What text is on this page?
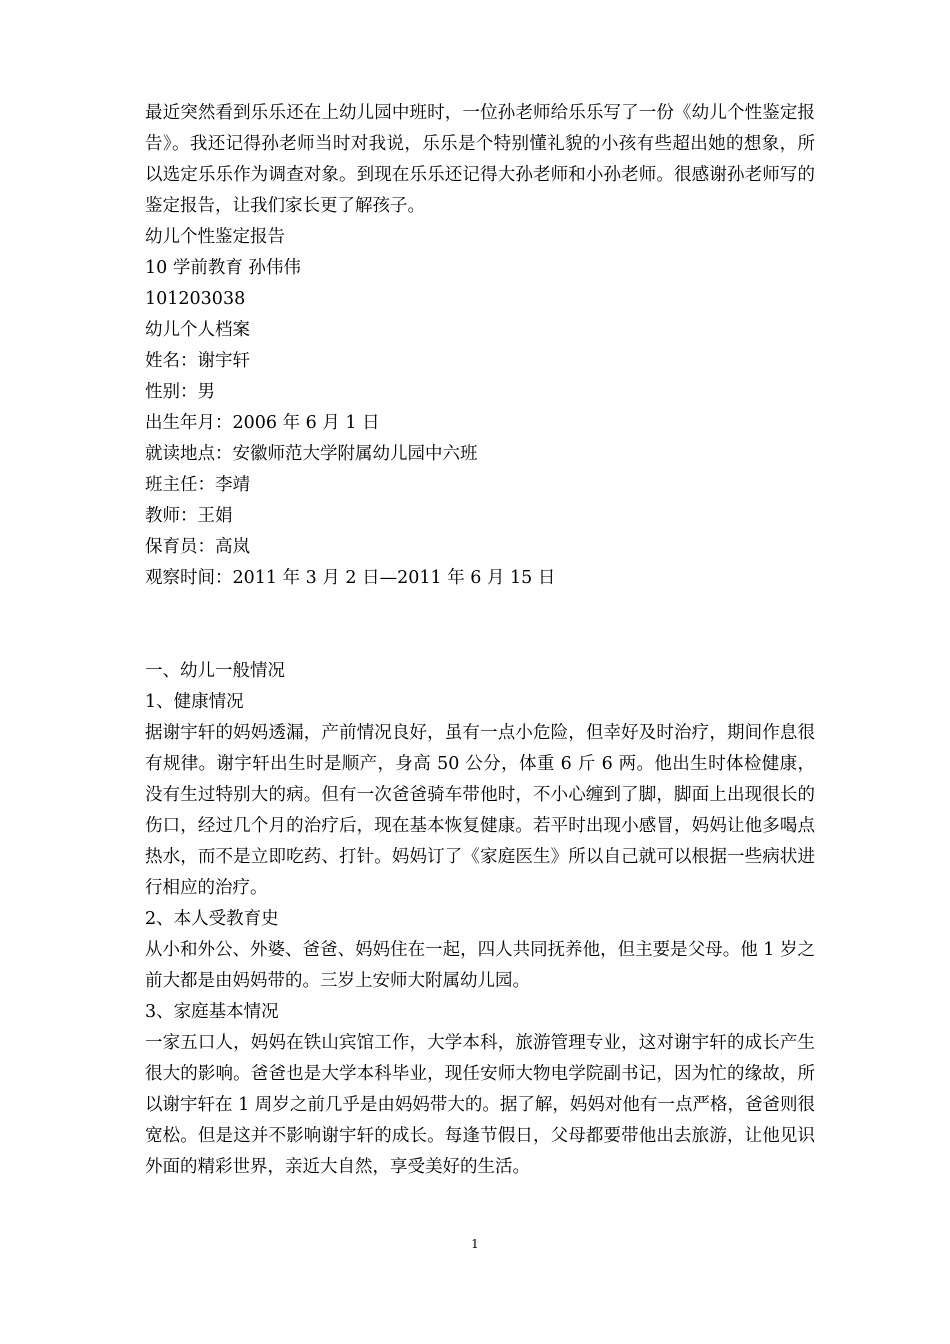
最近突然看到乐乐还在上幼儿园中班时，一位孙老师给乐乐写了一份《幼儿个性鉴定报告》。我还记得孙老师当时对我说，乐乐是个特别懂礼貌的小孩有些超出她的想象，所以选定乐乐作为调查对象。到现在乐乐还记得大孙老师和小孙老师。很感谢孙老师写的鉴定报告，让我们家长更了解孩子。
幼儿个性鉴定报告
10 学前教育 孙伟伟
101203038
幼儿个人档案
姓名：谢宇轩
性别：男
出生年月：2006 年 6 月 1 日
就读地点：安徽师范大学附属幼儿园中六班
班主任：李靖
教师：王娟
保育员：高岚
观察时间：2011 年 3 月 2 日—2011 年 6 月 15 日
一、幼儿一般情况
1、健康情况
据谢宇轩的妈妈透漏，产前情况良好，虽有一点小危险，但幸好及时治疗，期间作息很有规律。谢宇轩出生时是顺产，身高 50 公分，体重 6 斤 6 两。他出生时体检健康，没有生过特别大的病。但有一次爸爸骑车带他时，不小心缠到了脚，脚面上出现很长的伤口，经过几个月的治疗后，现在基本恢复健康。若平时出现小感冒，妈妈让他多喝点热水，而不是立即吃药、打针。妈妈订了《家庭医生》所以自己就可以根据一些病状进行相应的治疗。
2、本人受教育史
从小和外公、外婆、爸爸、妈妈住在一起，四人共同抚养他，但主要是父母。他 1 岁之前大都是由妈妈带的。三岁上安师大附属幼儿园。
3、家庭基本情况
一家五口人，妈妈在铁山宾馆工作，大学本科，旅游管理专业，这对谢宇轩的成长产生很大的影响。爸爸也是大学本科毕业，现任安师大物电学院副书记，因为忙的缘故，所以谢宇轩在 1 周岁之前几乎是由妈妈带大的。据了解，妈妈对他有一点严格，爸爸则很宽松。但是这并不影响谢宇轩的成长。每逢节假日，父母都要带他出去旅游，让他见识外面的精彩世界，亲近大自然，享受美好的生活。
1
